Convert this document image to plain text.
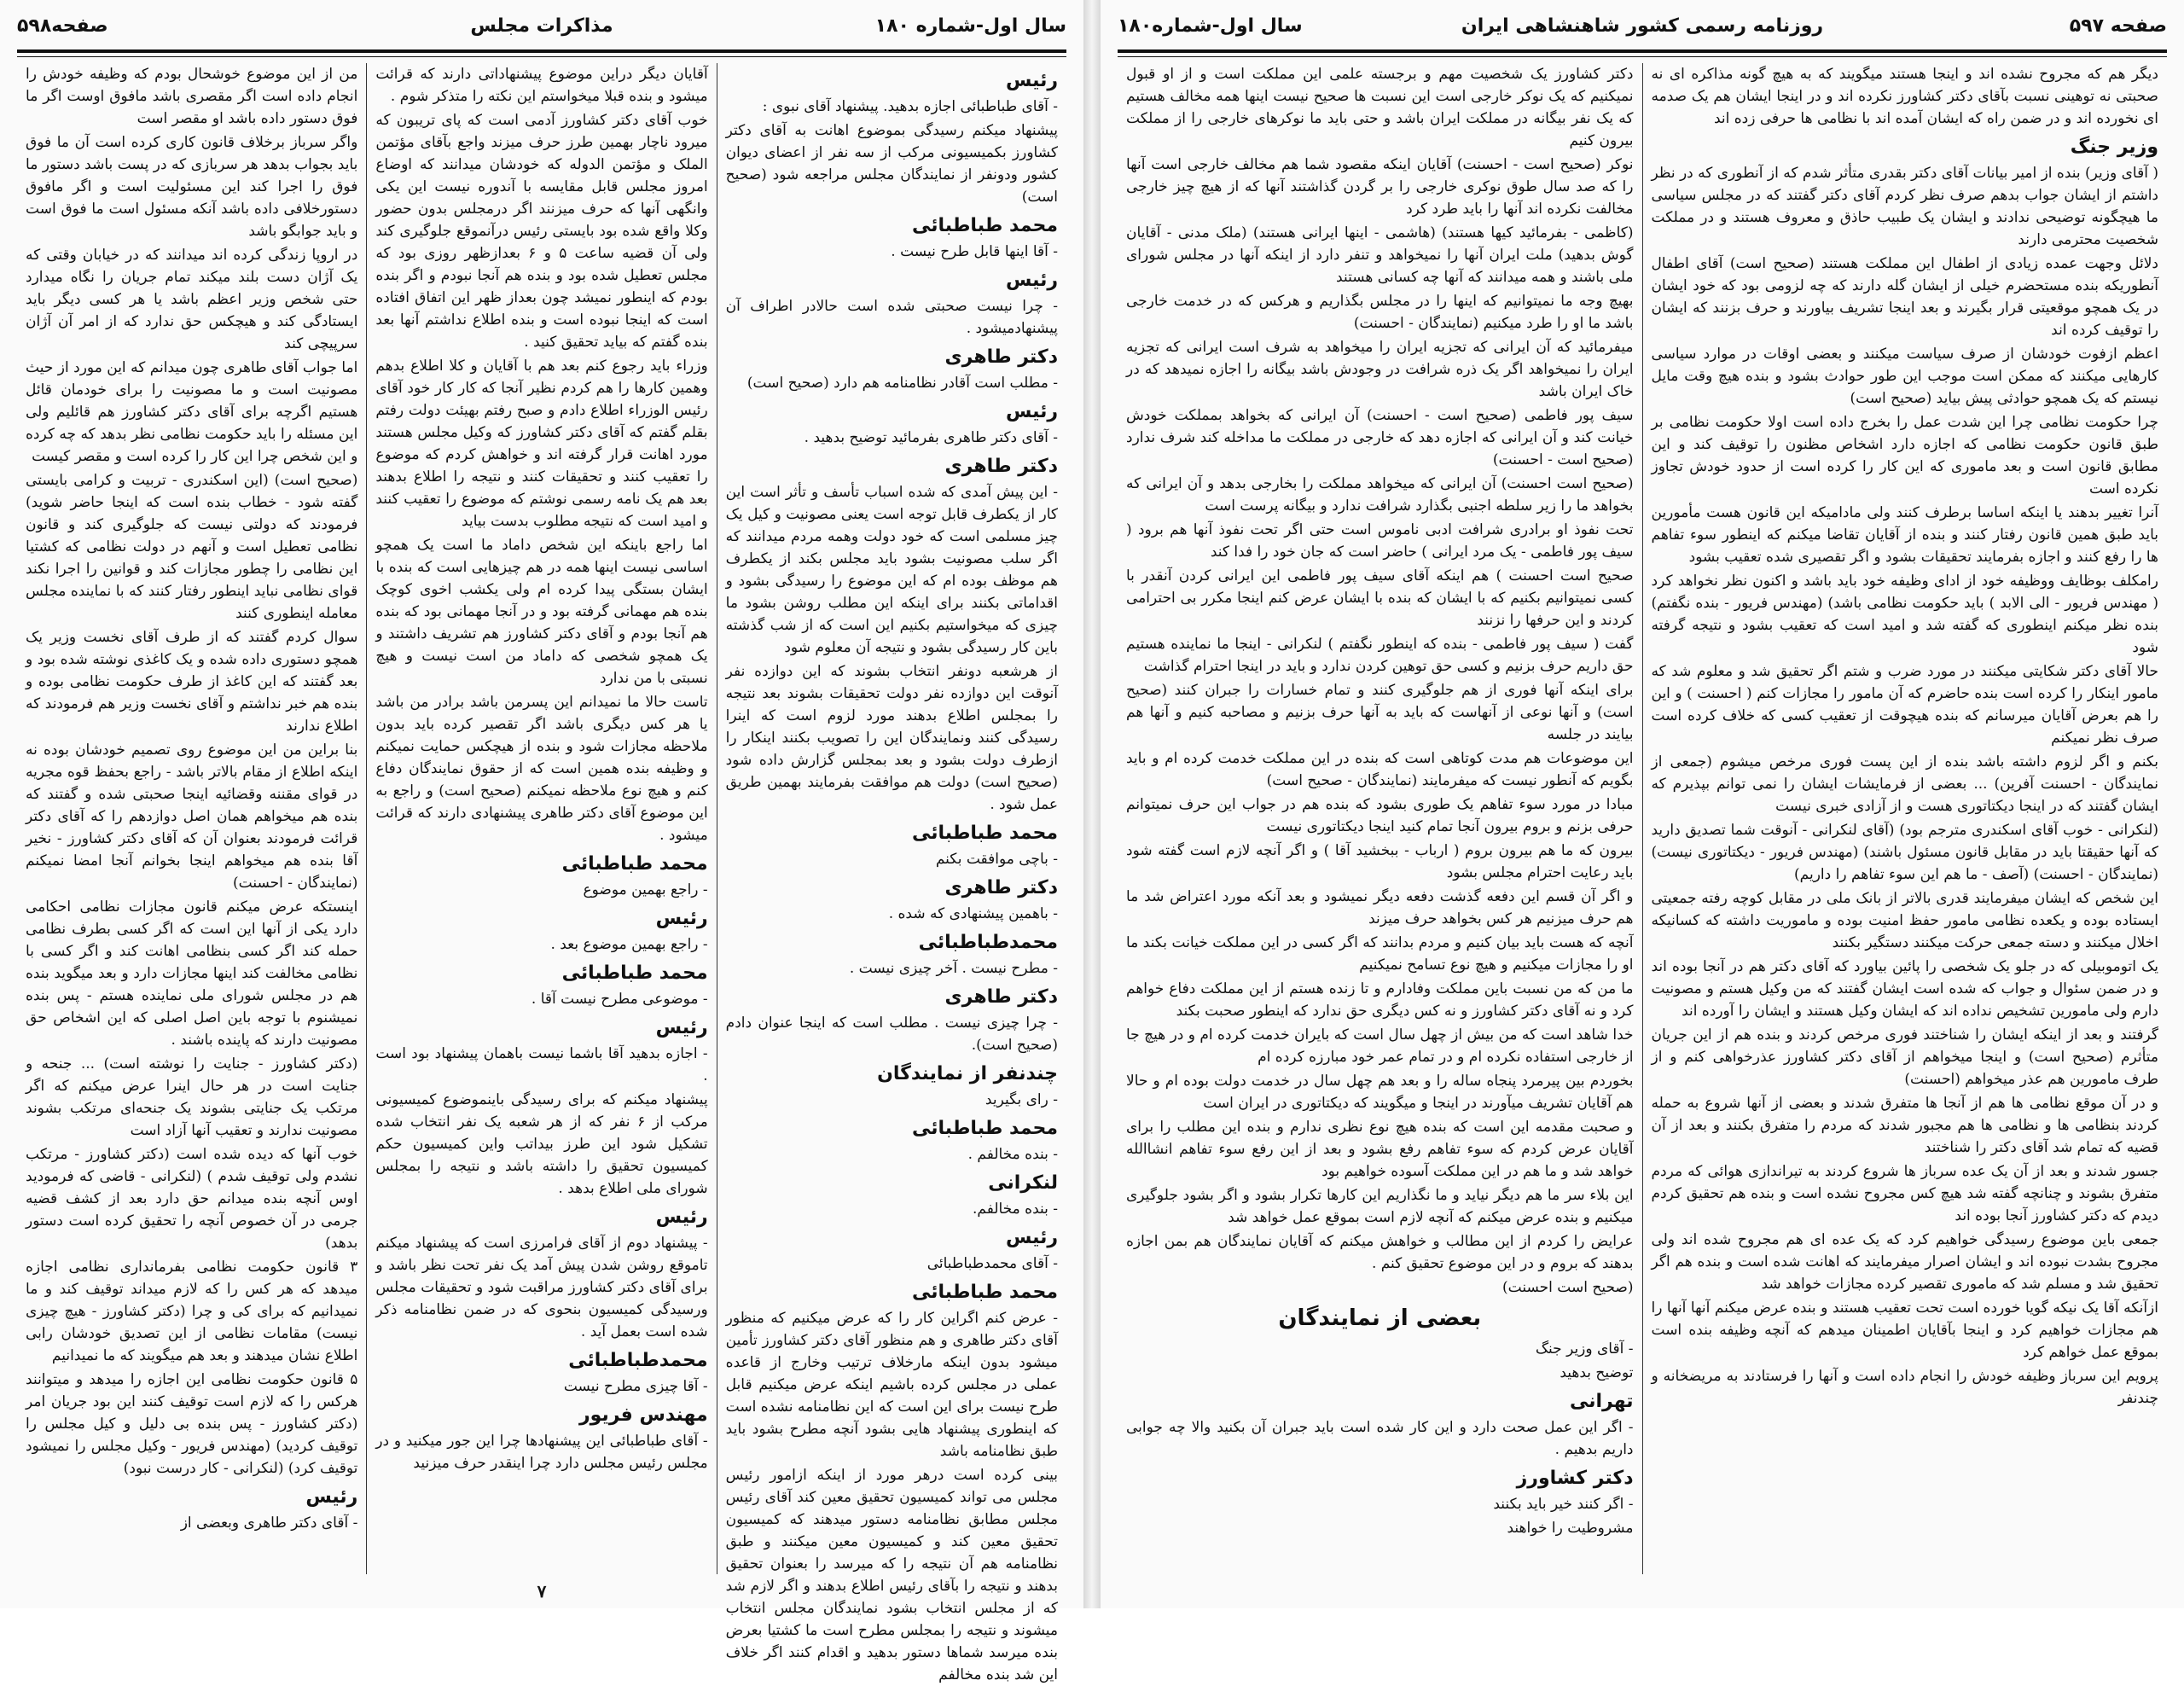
سال اول-شماره ۱۸۰
مذاکرات مجلس
صفحه۵۹۸
رئیس
- آقای طباطبائی اجازه بدهید. پیشنهاد آقای نبوی :
پیشنهاد میکنم رسیدگی بموضوع اهانت به آقای دکتر کشاورز بکمیسیونی مرکب از سه نفر از اعضای دیوان کشور ودونفر از نمایندگان مجلس مراجعه شود (صحیح است)
محمد طباطبائی
- آقا اینها قابل طرح نیست .
رئیس
- چرا نیست صحبتی شده است حالادر اطراف آن پیشنهادمیشود .
دکتر طاهری
- مطلب است آقادر نظامنامه هم دارد (صحیح است)
رئیس
- آقای دکتر طاهری بفرمائید توضیح بدهید .
دکتر طاهری
- این پیش آمدی که شده اسباب تأسف و تأثر است این کار از یکطرف قابل توجه است یعنی مصونیت و کیل یک چیز مسلمی است که خود دولت وهمه مردم میدانند که اگر سلب مصونیت بشود باید مجلس بکند از یکطرف هم موظف بوده ام که این موضوع را رسیدگی بشود و اقداماتی بکنند برای اینکه این مطلب روشن بشود ما چیزی که میخواستیم بکنیم این است که از شب گذشته باین کار رسیدگی بشود و نتیجه آن معلوم شود
از هرشعبه دونفر انتخاب بشوند که این دوازده نفر آنوقت این دوازده نفر دولت تحقیقات بشوند بعد نتیجه را بمجلس اطلاع بدهند مورد لزوم است که اینرا رسیدگی کنند ونمایندگان این را تصویب بکنند اینکار را ازطرف دولت بشود و بعد بمجلس گزارش داده شود (صحیح است) دولت هم موافقت بفرمایند بهمین طریق عمل شود .
محمد طباطبائی
- باچی موافقت بکنم
دکتر طاهری
- باهمین پیشنهادی که شده .
محمدطباطبائی
- مطرح نیست . آخر چیزی نیست .
دکتر طاهری
- چرا چیزی نیست . مطلب است که اینجا عنوان دادم (صحیح است).
چندنفر از نمایندگان
- رای بگیرید
محمد طباطبائی
- بنده مخالفم .
لنکرانی
- بنده مخالفم.
رئیس
- آقای محمدطباطبائی
محمد طباطبائی
- عرض کنم اگراین کار را که عرض میکنیم که منظور آقای دکتر طاهری و هم منظور آقای دکتر کشاورز تأمین میشود بدون اینکه مارخلاف ترتیب وخارج از قاعده عملی در مجلس کرده باشیم اینکه عرض میکنیم قابل طرح نیست برای این است که این نظامنامه نشده است که اینطوری پیشنهاد هایی بشود آنچه مطرح بشود باید طبق نظامنامه باشد
بینی کرده است درهر مورد از اینکه ازامور رئیس مجلس می تواند کمیسیون تحقیق معین کند آقای رئیس مجلس مطابق نظامنامه دستور میدهند که کمیسیون تحقیق معین کند و کمیسیون معین میکنند و طبق نظامنامه هم آن نتیجه را که میرسد را بعنوان تحقیق بدهند و نتیجه را بآقای رئیس اطلاع بدهند و اگر لازم شد که از مجلس انتخاب بشود نمایندگان مجلس انتخاب میشوند و نتیجه را بمجلس مطرح است ما کشتیا بعرض بنده میرسد شماها دستور بدهید و اقدام کنند اگر خلاف این شد بنده مخالفم
آقایان دیگر دراین موضوع پیشنهاداتی دارند که قرائت میشود و بنده قبلا میخواستم این نکته را متذکر شوم .
خوب آقای دکتر کشاورز آدمی است که پای تریبون که میرود ناچار بهمین طرز حرف میزند واجع بآقای مؤتمن الملک و مؤتمن الدوله که خودشان میدانند که اوضاع امروز مجلس قابل مقایسه با آندوره نیست این یکی وانگهی آنها که حرف میزنند اگر درمجلس بدون حضور وکلا واقع شده بود بایستی رئیس درآنموقع جلوگیری کند ولی آن قضیه ساعت ۵ و ۶ بعدازظهر روزی بود که مجلس تعطیل شده بود و بنده هم آنجا نبودم و اگر بنده بودم که اینطور نمیشد چون بعداز ظهر این اتفاق افتاده است که اینجا نبوده است و بنده اطلاع نداشتم آنها بعد بنده گفتم که بیاید تحقیق کنید .
وزراء باید رجوع کنم بعد هم با آقایان و کلا اطلاع بدهم وهمین کارها را هم کردم نظیر آنجا که کار کار خود آقای رئیس الوزراء اطلاع دادم و صبح رفتم بهیئت دولت رفتم بقلم گفتم که آقای دکتر کشاورز که وکیل مجلس هستند مورد اهانت قرار گرفته اند و خواهش کردم که موضوع را تعقیب کنند و تحقیقات کنند و نتیجه را اطلاع بدهند بعد هم یک نامه رسمی نوشتم که موضوع را تعقیب کنند و امید است که نتیجه مطلوب بدست بیاید
اما راجع باینکه این شخص داماد ما است یک همچو اساسی نیست اینها همه در هم چیزهایی است که بنده با ایشان بستگی پیدا کرده ام ولی یکشب اخوی کوچک بنده هم مهمانی گرفته بود و در آنجا مهمانی بود که بنده هم آنجا بودم و آقای دکتر کشاورز هم تشریف داشتند و یک همچو شخصی که داماد من است نیست و هیچ نسبتی با من ندارد
تاست حالا ما نمیدانم این پسرمن باشد برادر من باشد یا هر کس دیگری باشد اگر تقصیر کرده باید بدون ملاحظه مجازات شود و بنده از هیچکس حمایت نمیکنم و وظیفه بنده همین است که از حقوق نمایندگان دفاع کنم و هیچ نوع ملاحظه نمیکنم (صحیح است) و راجع به این موضوع آقای دکتر طاهری پیشنهادی دارند که قرائت میشود .
محمد طباطبائی
- راجع بهمین موضوع
رئیس
- راجع بهمین موضوع بعد .
محمد طباطبائی
- موضوعی مطرح نیست آقا .
رئیس
- اجازه بدهید آقا باشما نیست باهمان پیشنهاد بود است .
پیشنهاد میکنم که برای رسیدگی باینموضوع کمیسیونی مرکب از ۶ نفر که از هر شعبه یک نفر انتخاب شده تشکیل شود این طرز بیداتب واین کمیسیون حکم کمیسیون تحقیق را داشته باشد و نتیجه را بمجلس شورای ملی اطلاع بدهد .
رئیس
- پیشنهاد دوم از آقای فرامرزی است که پیشنهاد میکنم تاموقع روشن شدن پیش آمد یک نفر تحت نظر باشد و برای آقای دکتر کشاورز مراقبت شود و تحقیقات مجلس ورسیدگی کمیسیون بنحوی که در ضمن نظامنامه ذکر شده است بعمل آید .
محمدطباطبائی
- آقا چیزی مطرح نیست
مهندس فریور
- آقای طباطبائی این پیشنهادها چرا این جور میکنید و در مجلس رئیس مجلس دارد چرا اینقدر حرف میزنید
من از این موضوع خوشحال بودم که وظیفه خودش را انجام داده است اگر مقصری باشد مافوق اوست اگر ما فوق دستور داده باشد او مقصر است
واگر سرباز برخلاف قانون کاری کرده است آن ما فوق باید بجواب بدهد هر سربازی که در پست باشد دستور ما فوق را اجرا کند این مسئولیت است و اگر مافوق دستورخلافی داده باشد آنکه مسئول است ما فوق است و باید جوابگو باشد
در اروپا زندگی کرده اند میدانند که در خیابان وقتی که یک آژان دست بلند میکند تمام جریان را نگاه میدارد حتی شخص وزیر اعظم باشد یا هر کسی دیگر باید ایستادگی کند و هیچکس حق ندارد که از امر آن آژان سرپیچی کند
اما جواب آقای طاهری چون میدانم که این مورد از حیث مصونیت است و ما مصونیت را برای خودمان قائل هستیم اگرچه برای آقای دکتر کشاورز هم قائلیم ولی این مسئله را باید حکومت نظامی نظر بدهد که چه کرده و این شخص چرا این کار را کرده است و مقصر کیست
(صحیح است) (این اسکندری - تربیت و کرامی بایستی گفته شود - خطاب بنده است که اینجا حاضر شوید) فرمودند که دولتی نیست که جلوگیری کند و قانون نظامی تعطیل است و آنهم در دولت نظامی که کشتیا این نظامی را چطور مجازات کند و قوانین را اجرا نکند قوای نظامی نباید اینطور رفتار کنند که با نماینده مجلس معامله اینطوری کنند
سوال کردم گفتند که از طرف آقای نخست وزیر یک همچو دستوری داده شده و یک کاغذی نوشته شده بود و بعد گفتند که این کاغذ از طرف حکومت نظامی بوده و بنده هم خبر نداشتم و آقای نخست وزیر هم فرمودند که اطلاع ندارند
بنا براین من این موضوع روی تصمیم خودشان بوده نه اینکه اطلاع از مقام بالاتر باشد - راجع بحفظ قوه مجریه در قوای مقننه وقضائیه اینجا صحبتی شده و گفتند که بنده هم میخواهم همان اصل دوازدهم را که آقای دکتر قرائت فرمودند بعنوان آن که آقای دکتر کشاورز - نخیر آقا بنده هم میخواهم اینجا بخوانم آنجا امضا نمیکنم (نمایندگان - احسنت)
اینستکه عرض میکنم قانون مجازات نظامی احکامی دارد یکی از آنها این است که اگر کسی بطرف نظامی حمله کند اگر کسی بنظامی اهانت کند و اگر کسی با نظامی مخالفت کند اینها مجازات دارد و بعد میگوید بنده هم در مجلس شورای ملی نماینده هستم - پس بنده نمیشنوم با توجه باین اصل اصلی که این اشخاص حق مصونیت دارند که پاینده باشند .
(دکتر کشاورز - جنایت را نوشته است) ... جنحه و جنایت است در هر حال اینرا عرض میکنم که اگر مرتکب یک جنایتی بشوند یک جنحه‌ای مرتکب بشوند مصونیت ندارند و تعقیب آنها آزاد است
خوب آنها که دیده شده است (دکتر کشاورز - مرتکب نشدم ولی توقیف شدم ) (لنکرانی - قاضی که فرمودید اوس آنچه بنده میدانم حق دارد بعد از کشف قضیه جرمی در آن خصوص آنچه را تحقیق کرده است دستور بدهد)
۳ قانون حکومت نظامی بفرمانداری نظامی اجازه میدهد که هر کس را که لازم میداند توقیف کند و ما نمیدانیم که برای کی و چرا (دکتر کشاورز - هیچ چیزی نیست) مقامات نظامی از این تصدیق خودشان رابی اطلاع نشان میدهند و بعد هم میگویند که ما نمیدانیم
۵ قانون حکومت نظامی این اجازه را میدهد و میتوانند هرکس را که لازم است توقیف کنند این بود جریان امر (دکتر کشاورز - پس بنده بی دلیل و کیل مجلس را توقیف کردید) (مهندس فریور - وکیل مجلس را نمیشود توقیف کرد) (لنکرانی - کار درست نبود)
رئیس
- آقای دکتر طاهری وبعضی از
۷
صفحه ۵۹۷
روزنامه رسمی کشور شاهنشاهی ایران
سال اول-شماره۱۸۰
دیگر هم که مجروح نشده اند و اینجا هستند میگویند که به هیچ گونه مذاکره ای نه صحبتی نه توهینی نسبت بآقای دکتر کشاورز نکرده اند و در اینجا ایشان هم یک صدمه ای نخورده اند و در ضمن راه که ایشان آمده اند با نظامی ها حرفی زده اند
وزیر جنگ
( آقای وزیر) بنده از امیر بیانات آقای دکتر بقدری متأثر شدم که از آنطوری که در نظر داشتم از ایشان جواب بدهم صرف نظر کردم آقای دکتر گفتند که در مجلس سیاسی ما هیچگونه توضیحی ندادند و ایشان یک طبیب حاذق و معروف هستند و در مملکت شخصیت محترمی دارند
دلائل وجهت عمده زیادی از اطفال این مملکت هستند (صحیح است) آقای اطفال آنطوریکه بنده مستحضرم خیلی از ایشان گله دارند که چه لزومی بود که خود ایشان در یک همچو موقعیتی قرار بگیرند و بعد اینجا تشریف بیاورند و حرف بزنند که ایشان را توقیف کرده اند
اعظم ازفوت خودشان از صرف سیاست میکنند و بعضی اوقات در موارد سیاسی کارهایی میکنند که ممکن است موجب این طور حوادث بشود و بنده هیچ وقت مایل نیستم که یک همچو حوادثی پیش بیاید (صحیح است)
چرا حکومت نظامی چرا این شدت عمل را بخرج داده است اولا حکومت نظامی بر طبق قانون حکومت نظامی که اجازه دارد اشخاص مظنون را توقیف کند و این مطابق قانون است و بعد ماموری که این کار را کرده است از حدود خودش تجاوز نکرده است
آنرا تغییر بدهند یا اینکه اساسا برطرف کنند ولی مادامیکه این قانون هست مأمورین باید طبق همین قانون رفتار کنند و بنده از آقایان تقاضا میکنم که اینطور سوء تفاهم ها را رفع کنند و اجازه بفرمایند تحقیقات بشود و اگر تقصیری شده تعقیب بشود
رامکلف بوظایف ووظیفه خود از ادای وظیفه خود باید باشد و اکنون نظر نخواهد کرد ( مهندس فریور - الی الابد ) باید حکومت نظامی باشد) (مهندس فریور - بنده نگفتم) بنده نظر میکنم اینطوری که گفته شد و امید است که تعقیب بشود و نتیجه گرفته شود
حالا آقای دکتر شکایتی میکنند در مورد ضرب و شتم اگر تحقیق شد و معلوم شد که مامور اینکار را کرده است بنده حاضرم که آن مامور را مجازات کنم ( احسنت ) و این را هم بعرض آقایان میرسانم که بنده هیچوقت از تعقیب کسی که خلاف کرده است صرف نظر نمیکنم
بکنم و اگر لزوم داشته باشد بنده از این پست فوری مرخص میشوم (جمعی از نمایندگان - احسنت آفرین) ... بعضی از فرمایشات ایشان را نمی توانم بپذیرم که ایشان گفتند که در اینجا دیکتاتوری هست و از آزادی خبری نیست
(لنکرانی - خوب آقای اسکندری مترجم بود) (آقای لنکرانی - آنوقت شما تصدیق دارید که آنها حقیقتا باید در مقابل قانون مسئول باشند) (مهندس فریور - دیکتاتوری نیست) (نمایندگان - احسنت) (آصف - ما هم این سوء تفاهم را داریم)
این شخص که ایشان میفرمایند قدری بالاتر از بانک ملی در مقابل کوچه رفته جمعیتی ایستاده بوده و یکعده نظامی مامور حفظ امنیت بوده و ماموریت داشته که کسانیکه اخلال میکنند و دسته جمعی حرکت میکنند دستگیر بکنند
یک اتوموبیلی که در جلو یک شخصی را پائین بیاورد که آقای دکتر هم در آنجا بوده اند و در ضمن سئوال و جواب که شده است ایشان گفتند که من وکیل هستم و مصونیت دارم ولی مامورین تشخیص نداده اند که ایشان وکیل هستند و ایشان را آورده اند
گرفتند و بعد از اینکه ایشان را شناختند فوری مرخص کردند و بنده هم از این جریان متأثرم (صحیح است) و اینجا میخواهم از آقای دکتر کشاورز عذرخواهی کنم و از طرف مامورین هم عذر میخواهم (احسنت)
و در آن موقع نظامی ها هم از آنجا ها متفرق شدند و بعضی از آنها شروع به حمله کردند بنظامی ها و نظامی ها هم مجبور شدند که مردم را متفرق بکنند و بعد از آن قضیه که تمام شد آقای دکتر را شناختند
جسور شدند و بعد از آن یک عده سرباز ها شروع کردند به تیراندازی هوائی که مردم متفرق بشوند و چنانچه گفته شد هیچ کس مجروح نشده است و بنده هم تحقیق کردم دیدم که دکتر کشاورز آنجا بوده اند
جمعی باین موضوع رسیدگی خواهیم کرد که یک عده ای هم مجروح شده اند ولی مجروح بشدت نبوده اند و ایشان اصرار میفرمایند که اهانت شده است و بنده هم اگر تحقیق شد و مسلم شد که ماموری تقصیر کرده مجازات خواهد شد
ازآنکه آقا یک نیکه گویا خورده است تحت تعقیب هستند و بنده عرض میکنم آنها آنها را هم مجازات خواهیم کرد و اینجا بآقایان اطمینان میدهم که آنچه وظیفه بنده است بموقع عمل خواهم کرد
پرویم این سرباز وظیفه خودش را انجام داده است و آنها را فرستادند به مریضخانه و چندنفر
دکتر کشاورز یک شخصیت مهم و برجسته علمی این مملکت است و از او قبول نمیکنیم که یک نوکر خارجی است این نسبت ها صحیح نیست اینها همه مخالف هستیم که یک نفر بیگانه در مملکت ایران باشد و حتی باید ما نوکرهای خارجی را از مملکت بیرون کنیم
نوکر (صحیح است - احسنت) آقایان اینکه مقصود شما هم مخالف خارجی است آنها را که صد سال طوق نوکری خارجی را بر گردن گذاشتند آنها که از هیچ چیز خارجی مخالفت نکرده اند آنها را باید طرد کرد
(کاظمی - بفرمائید کیها هستند) (هاشمی - اینها ایرانی هستند) (ملک مدنی - آقایان گوش بدهید) ملت ایران آنها را نمیخواهد و تنفر دارد از اینکه آنها در مجلس شورای ملی باشند و همه میدانند که آنها چه کسانی هستند
بهیچ وجه ما نمیتوانیم که اینها را در مجلس بگذاریم و هرکس که در خدمت خارجی باشد ما او را طرد میکنیم (نمایندگان - احسنت)
میفرمائید که آن ایرانی که تجزیه ایران را میخواهد به شرف است ایرانی که تجزیه ایران را نمیخواهد اگر یک ذره شرافت در وجودش باشد بیگانه را اجازه نمیدهد که در خاک ایران باشد
سیف پور فاطمی (صحیح است - احسنت) آن ایرانی که بخواهد بمملکت خودش خیانت کند و آن ایرانی که اجازه دهد که خارجی در مملکت ما مداخله کند شرف ندارد (صحیح است - احسنت)
(صحیح است احسنت) آن ایرانی که میخواهد مملکت را بخارجی بدهد و آن ایرانی که بخواهد ما را زیر سلطه اجنبی بگذارد شرافت ندارد و بیگانه پرست است
تحت نفوذ او برادری شرافت ادبی ناموس است حتی اگر تحت نفوذ آنها هم برود ( سیف پور فاطمی - یک مرد ایرانی ) حاضر است که جان خود را فدا کند
صحیح است احسنت ) هم اینکه آقای سیف پور فاطمی این ایرانی کردن آنقدر با کسی نمیتوانیم بکنیم که با ایشان که بنده با ایشان عرض کنم اینجا مکرر بی احترامی کردند و این حرفها را نزنند
گفت ( سیف پور فاطمی - بنده که اینطور نگفتم ) لنکرانی - اینجا ما نماینده هستیم حق داریم حرف بزنیم و کسی حق توهین کردن ندارد و باید در اینجا احترام گذاشت
برای اینکه آنها فوری از هم جلوگیری کنند و تمام خسارات را جبران کنند (صحیح است) و آنها نوعی از آنهاست که باید به آنها حرف بزنیم و مصاحبه کنیم و آنها هم بیایند در جلسه
این موضوعات هم مدت کوتاهی است که بنده در این مملکت خدمت کرده ام و باید بگویم که آنطور نیست که میفرمایند (نمایندگان - صحیح است)
مبادا در مورد سوء تفاهم یک طوری بشود که بنده هم در جواب این حرف نمیتوانم حرفی بزنم و بروم بیرون آنجا تمام کنید اینجا دیکتاتوری نیست
بیرون که ما هم بیرون بروم ( ارباب - ببخشید آقا ) و اگر آنچه لازم است گفته شود باید رعایت احترام مجلس بشود
و اگر آن قسم این دفعه گذشت دفعه دیگر نمیشود و بعد آنکه مورد اعتراض شد ما هم حرف میزنیم هر کس بخواهد حرف میزند
آنچه که هست باید بیان کنیم و مردم بدانند که اگر کسی در این مملکت خیانت بکند ما او را مجازات میکنیم و هیچ نوع تسامح نمیکنیم
ما من که من نسبت باین مملکت وفادارم و تا زنده هستم از این مملکت دفاع خواهم کرد و نه آقای دکتر کشاورز و نه کس دیگری حق ندارد که اینطور صحبت بکند
خدا شاهد است که من بیش از چهل سال است که بایران خدمت کرده ام و در هیچ جا از خارجی استفاده نکرده ام و در تمام عمر خود مبارزه کرده ام
بخوردم بین پیرمرد پنجاه ساله را و بعد هم چهل سال در خدمت دولت بوده ام و حالا هم آقایان تشریف میآورند در اینجا و میگویند که دیکتاتوری در ایران است
و صحبت مقدمه این است که بنده هیچ نوع نظری ندارم و بنده این مطلب را برای آقایان عرض کردم که سوء تفاهم رفع بشود و بعد از این رفع سوء تفاهم انشاالله خواهد شد و ما هم در این مملکت آسوده خواهیم بود
این بلاء سر ما هم دیگر نیاید و ما نگذاریم این کارها تکرار بشود و اگر بشود جلوگیری میکنیم و بنده عرض میکنم که آنچه لازم است بموقع عمل خواهد شد
عرایض را کردم از این مطالب و خواهش میکنم که آقایان نمایندگان هم بمن اجازه بدهند که بروم و در این موضوع تحقیق کنم .
(صحیح است احسنت)
بعضی از نمایندگان
- آقای وزیر جنگ
توضیح بدهید
تهرانی
- اگر این عمل صحت دارد و این کار شده است باید جبران آن بکنید والا چه جوابی داریم بدهیم .
دکتر کشاورز
- اگر کنند خیر باید بکنند
مشروطیت را خواهند
